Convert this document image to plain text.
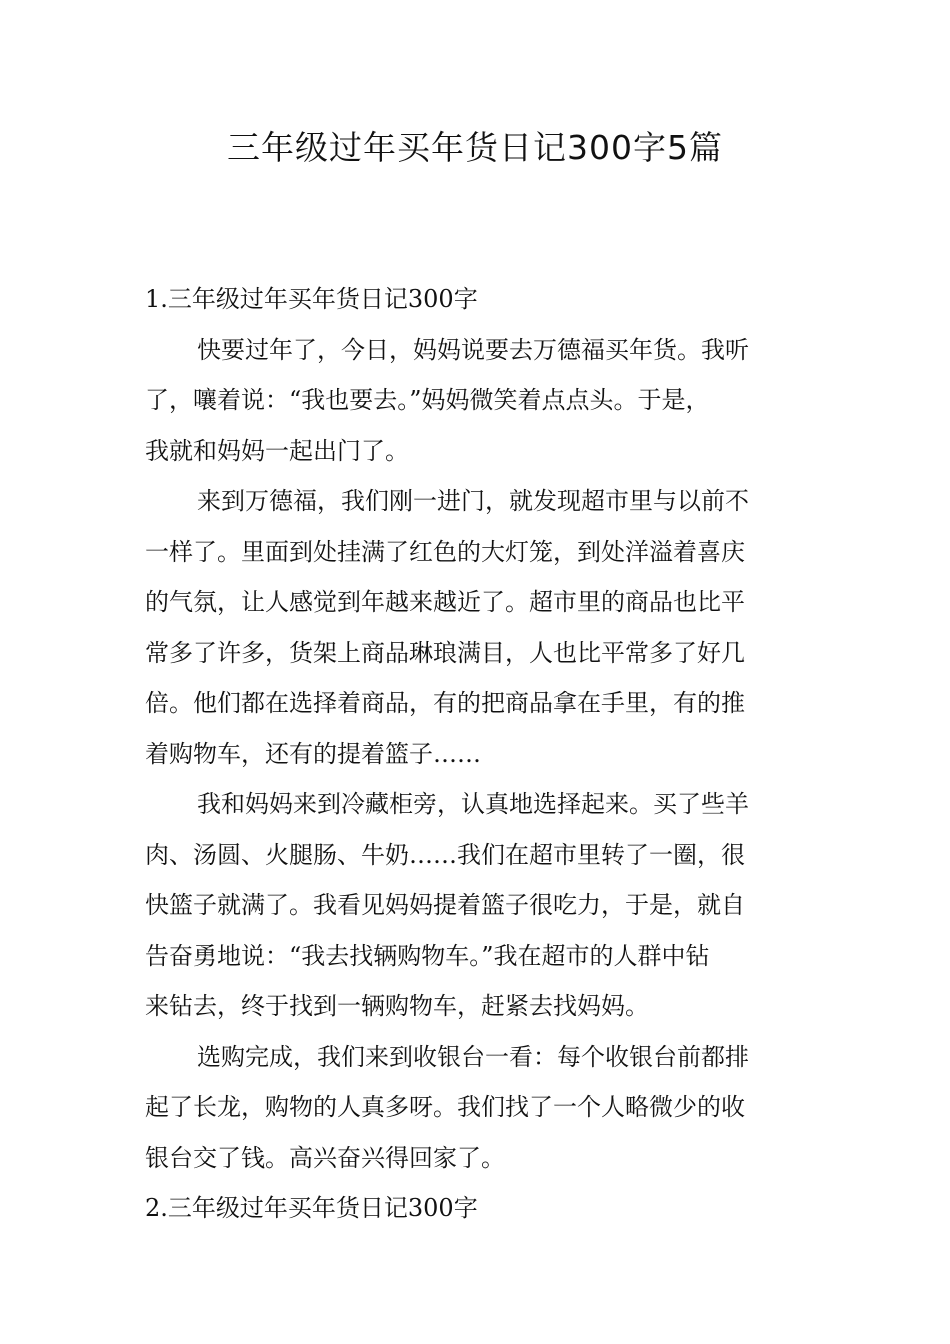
三年级过年买年货日记300字5篇
1.三年级过年买年货日记300字

快要过年了，今日，妈妈说要去万德福买年货。我听
了，嚷着说：“我也要去。”妈妈微笑着点点头。于是，
我就和妈妈一起出门了。

来到万德福，我们刚一进门，就发现超市里与以前不
一样了。里面到处挂满了红色的大灯笼，到处洋溢着喜庆
的气氛，让人感觉到年越来越近了。超市里的商品也比平
常多了许多，货架上商品琳琅满目，人也比平常多了好几
倍。他们都在选择着商品，有的把商品拿在手里，有的推
着购物车，还有的提着篮子……

我和妈妈来到冷藏柜旁，认真地选择起来。买了些羊
肉、汤圆、火腿肠、牛奶……我们在超市里转了一圈，很
快篮子就满了。我看见妈妈提着篮子很吃力，于是，就自
告奋勇地说：“我去找辆购物车。”我在超市的人群中钻
来钻去，终于找到一辆购物车，赶紧去找妈妈。

选购完成，我们来到收银台一看：每个收银台前都排
起了长龙，购物的人真多呀。我们找了一个人略微少的收
银台交了钱。高兴奋兴得回家了。

2.三年级过年买年货日记300字
